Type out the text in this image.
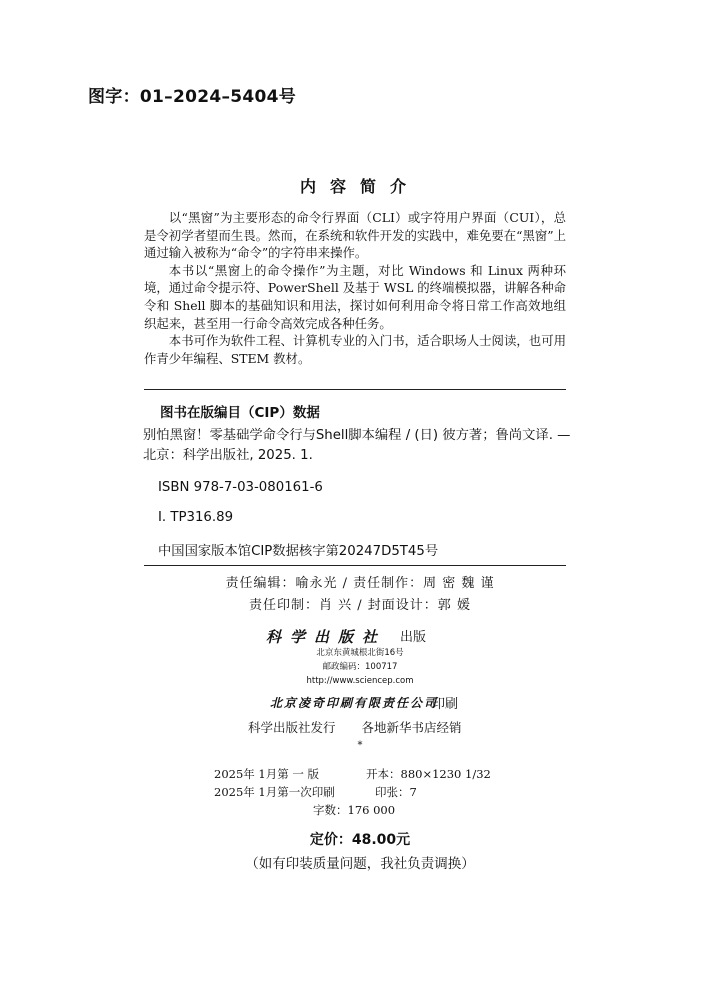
图字：01–2024–5404号
内容简介

以“黑窗”为主要形态的命令行界面（CLI）或字符用户界面（CUI），总是令初学者望而生畏。然而，在系统和软件开发的实践中，难免要在“黑窗”上通过输入被称为“命令”的字符串来操作。

本书以“黑窗上的命令操作”为主题，对比 Windows 和 Linux 两种环境，通过命令提示符、PowerShell 及基于 WSL 的终端模拟器，讲解各种命令和 Shell 脚本的基础知识和用法，探讨如何利用命令将日常工作高效地组织起来，甚至用一行命令高效完成各种任务。

本书可作为软件工程、计算机专业的入门书，适合职场人士阅读，也可用作青少年编程、STEM 教材。

图书在版编目（CIP）数据
别怕黑窗！零基础学命令行与Shell脚本编程 / (日) 彼方著；鲁尚文译. — 北京：科学出版社, 2025. 1.
ISBN 978-7-03-080161-6
Ⅰ. TP316.89
中国国家版本馆CIP数据核字第20247D5T45号
责任编辑：喻永光 / 责任制作：周 密 魏 谨
责任印制：肖 兴 / 封面设计：郭 媛
科学出版社 出版
北京东黄城根北街16号
邮政编码：100717
http://www.sciencep.com
北京凌奇印刷有限责任公司
印刷
科学出版社发行 各地新华书店经销
*
2025年 1月第 一 版	开本：880×1230 1/32
2025年 1月第一次印刷	印张：7
字数：176 000
定价：48.00元
（如有印装质量问题，我社负责调换）
